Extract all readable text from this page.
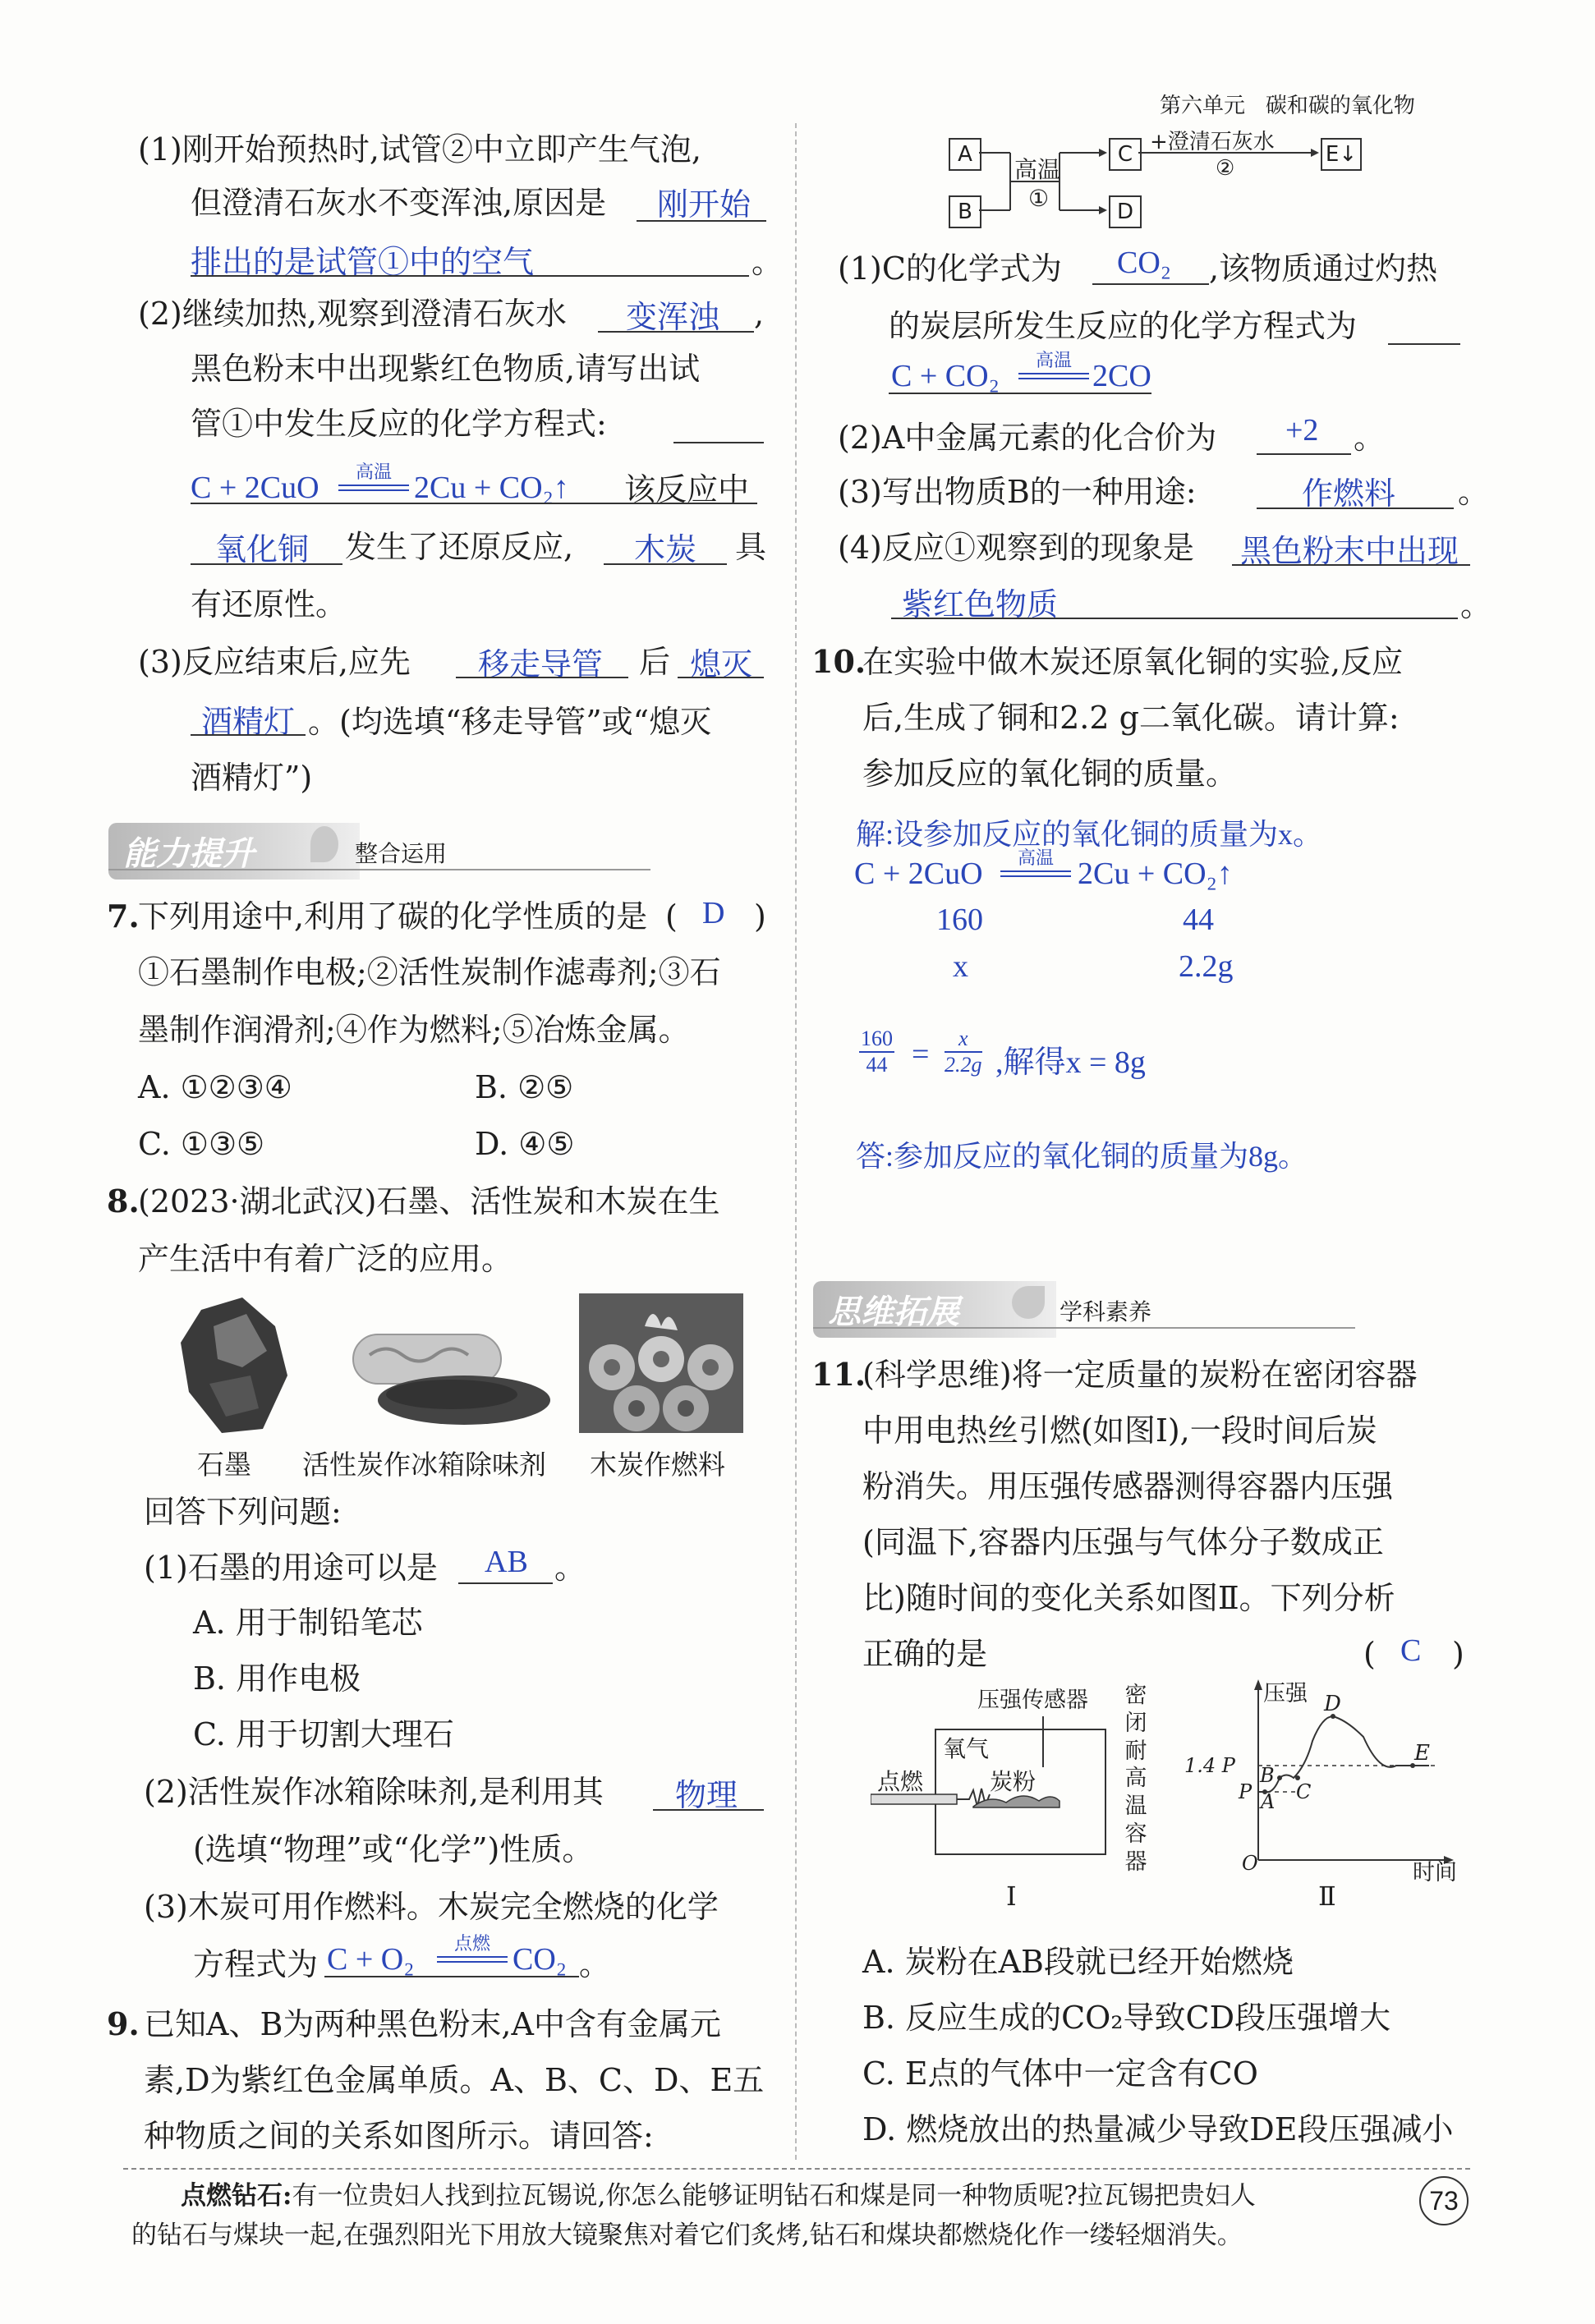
第六单元 碳和碳的氧化物
(1)刚开始预热时,试管②中立即产生气泡,
但澄清石灰水不变浑浊,原因是 刚开始
排出的是试管①中的空气	。
(2)继续加热,观察到澄清石灰水 变浑浊 ,
黑色粉末中出现紫红色物质,请写出试
管①中发生反应的化学方程式:
C + 2CuO	高温 2Cu + CO₂↑ 该反应中
氧化铜 发生了还原反应, 木炭 具
有还原性。
(3)反应结束后,应先 移走导管 后 熄灭
酒精灯 。(均选填“移走导管”或“熄灭
酒精灯”)
能力提升	整合运用
7.
下列用途中,利用了碳的化学性质的是 ( D )
①石墨制作电极;②活性炭制作滤毒剂;③石
墨制作润滑剂;④作为燃料;⑤冶炼金属。
A. ①②③④	B. ②⑤
C. ①③⑤	D. ④⑤
8.
(2023·湖北武汉)石墨、活性炭和木炭在生
产生活中有着广泛的应用。
石墨 活性炭作冰箱除味剂 木炭作燃料
回答下列问题:
(1)石墨的用途可以是 AB 。
A. 用于制铅笔芯
B. 用作电极
C. 用于切割大理石
(2)活性炭作冰箱除味剂,是利用其 物理
(选填“物理”或“化学”)性质。
(3)木炭可用作燃料。木炭完全燃烧的化学
方程式为 C + O₂	点燃 CO₂ 。
9. 已知A、B为两种黑色粉末,A中含有金属元
素,D为紫红色金属单质。A、B、C、D、E五
种物质之间的关系如图所示。请回答:
A
B
高温
①
C
D
+澄清石灰水
②
E↓
(1)C的化学式为 CO₂ ,该物质通过灼热
的炭层所发生反应的化学方程式为
C + CO₂	高温 2CO
(2)A中金属元素的化合价为 +2 。
(3)写出物质B的一种用途:	作燃料 。
(4)反应①观察到的现象是 黑色粉末中出现
紫红色物质	。
10.
在实验中做木炭还原氧化铜的实验,反应
后,生成了铜和2.2 g二氧化碳。请计算:
参加反应的氧化铜的质量。
解:设参加反应的氧化铜的质量为x。
C + 2CuO	高温 2Cu + CO₂↑
160	44
x	2.2g
$\frac{160}{44} = \frac{x}{2.2g}$ ,解得x = 8g
答:参加反应的氧化铜的质量为8g。
思维拓展	学科素养
11.
(科学思维)将一定质量的炭粉在密闭容器
中用电热丝引燃(如图Ⅰ),一段时间后炭
粉消失。用压强传感器测得容器内压强
(同温下,容器内压强与气体分子数成正
比)随时间的变化关系如图Ⅱ。下列分析
正确的是	( C )
压强传感器 密
闭
耐
高
温
容
器
氧气
炭粉
点燃
Ⅰ
压强
时间
O
1.4 P
P
D
E
B
A C
Ⅱ
A. 炭粉在AB段就已经开始燃烧
B. 反应生成的CO₂导致CD段压强增大
C. E点的气体中一定含有CO
D. 燃烧放出的热量减少导致DE段压强减小
点燃钻石:有一位贵妇人找到拉瓦锡说,你怎么能够证明钻石和煤是同一种物质呢?拉瓦锡把贵妇人
的钻石与煤块一起,在强烈阳光下用放大镜聚焦对着它们炙烤,钻石和煤块都燃烧化作一缕轻烟消失。
73
